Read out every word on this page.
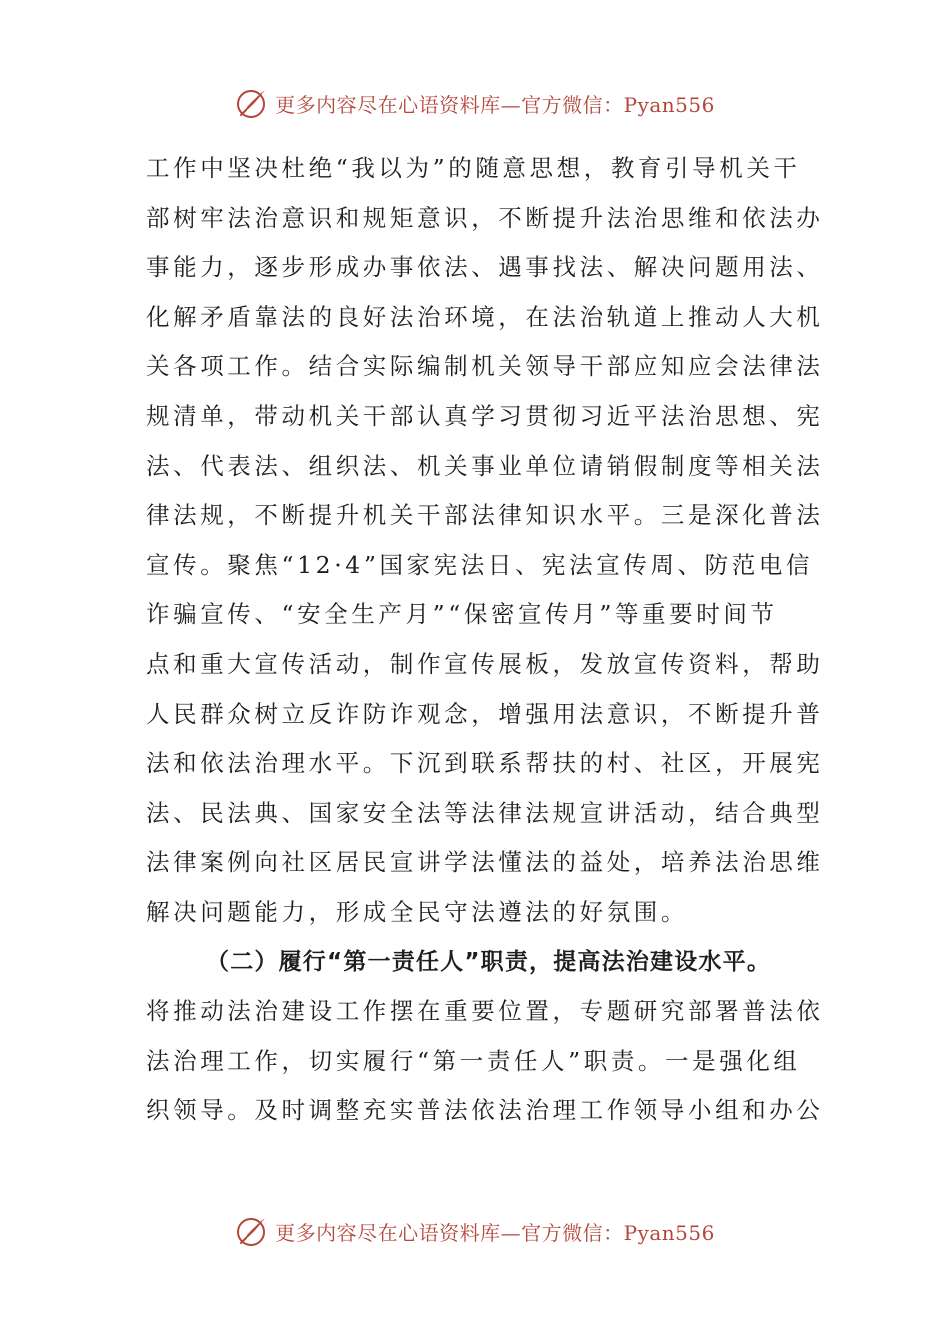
更多内容尽在心语资料库—官方微信：Pyan556
工作中坚决杜绝“我以为”的随意思想，教育引导机关干
部树牢法治意识和规矩意识，不断提升法治思维和依法办
事能力，逐步形成办事依法、遇事找法、解决问题用法、
化解矛盾靠法的良好法治环境，在法治轨道上推动人大机
关各项工作。结合实际编制机关领导干部应知应会法律法
规清单，带动机关干部认真学习贯彻习近平法治思想、宪
法、代表法、组织法、机关事业单位请销假制度等相关法
律法规，不断提升机关干部法律知识水平。三是深化普法
宣传。聚焦“12·4”国家宪法日、宪法宣传周、防范电信
诈骗宣传、“安全生产月”“保密宣传月”等重要时间节
点和重大宣传活动，制作宣传展板，发放宣传资料，帮助
人民群众树立反诈防诈观念，增强用法意识，不断提升普
法和依法治理水平。下沉到联系帮扶的村、社区，开展宪
法、民法典、国家安全法等法律法规宣讲活动，结合典型
法律案例向社区居民宣讲学法懂法的益处，培养法治思维
解决问题能力，形成全民守法遵法的好氛围。
（二）履行“第一责任人”职责，提高法治建设水平。
将推动法治建设工作摆在重要位置，专题研究部署普法依
法治理工作，切实履行“第一责任人”职责。一是强化组
织领导。及时调整充实普法依法治理工作领导小组和办公
更多内容尽在心语资料库—官方微信：Pyan556
